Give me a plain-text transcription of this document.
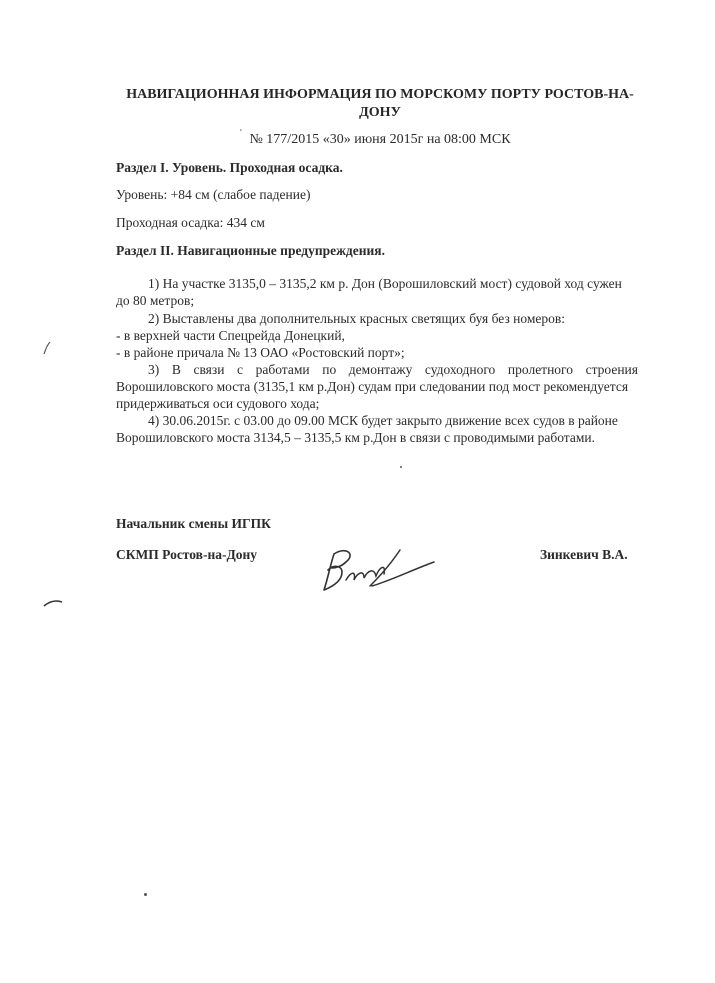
НАВИГАЦИОННАЯ ИНФОРМАЦИЯ ПО МОРСКОМУ ПОРТУ РОСТОВ-НА-
ДОНУ
' № 177/2015 «30» июня 2015г на 08:00 МСК
Раздел I. Уровень. Проходная осадка.
Уровень: +84 см (слабое падение)
Проходная осадка: 434 см
Раздел II. Навигационные предупреждения.
1) На участке 3135,0 – 3135,2 км р. Дон (Ворошиловский мост) судовой ход сужен
до 80 метров;
2) Выставлены два дополнительных красных светящих буя без номеров:
- в верхней части Спецрейда Донецкий,
- в районе причала № 13 ОАО «Ростовский порт»;
3) В связи с работами по демонтажу судоходного пролетного строения
Ворошиловского моста (3135,1 км р.Дон) судам при следовании под мост рекомендуется
придерживаться оси судового хода;
4) 30.06.2015г. с 03.00 до 09.00 МСК будет закрыто движение всех судов в районе
Ворошиловского моста 3134,5 – 3135,5 км р.Дон в связи с проводимыми работами.
Начальник смены ИГПК
СКМП Ростов-на-Дону	Зинкевич В.А.
